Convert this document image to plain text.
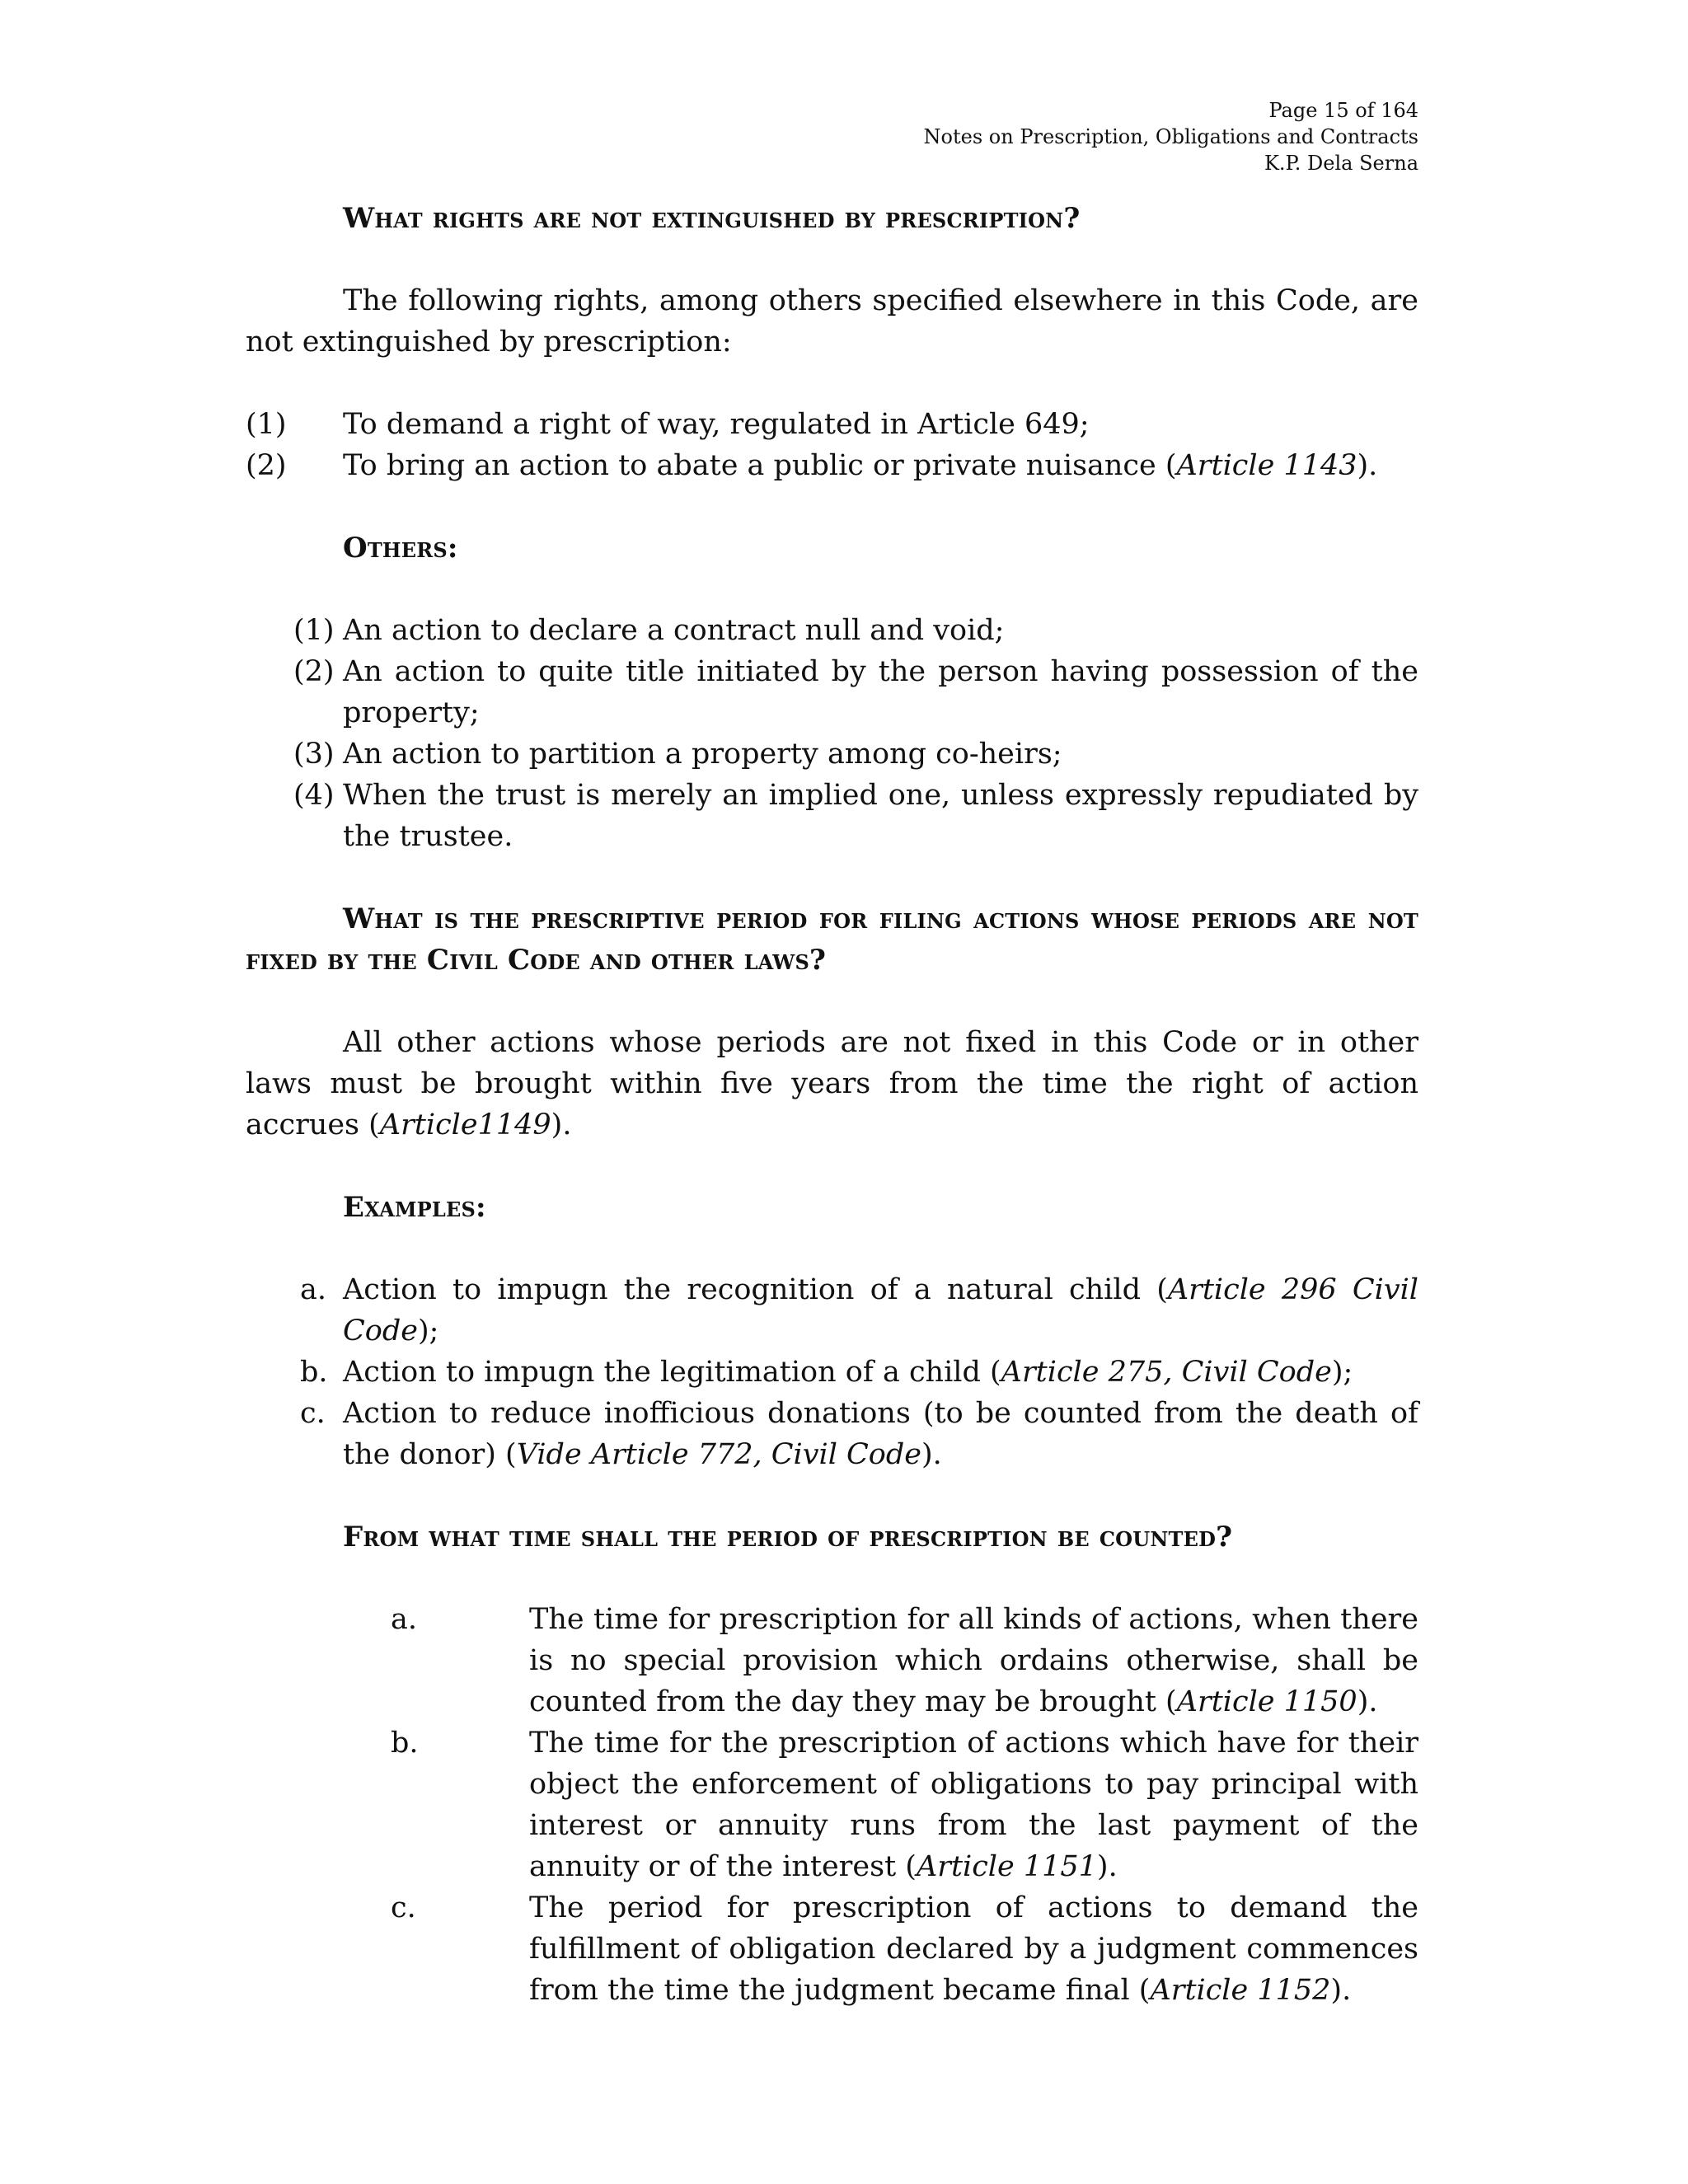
Page 15 of 164
Notes on Prescription, Obligations and Contracts
K.P. Dela Serna
What rights are not extinguished by prescription?

The following rights, among others specified elsewhere in this Code, are not extinguished by prescription:

(1) To demand a right of way, regulated in Article 649;
(2) To bring an action to abate a public or private nuisance (Article 1143).
Others:
(1) An action to declare a contract null and void;
(2) An action to quite title initiated by the person having possession of the property;
(3) An action to partition a property among co-heirs;
(4) When the trust is merely an implied one, unless expressly repudiated by the trustee.
What is the prescriptive period for filing actions whose periods are not fixed by the Civil Code and other laws?

All other actions whose periods are not fixed in this Code or in other laws must be brought within five years from the time the right of action accrues (Article1149).

Examples:
a. Action to impugn the recognition of a natural child (Article 296 Civil Code);
b. Action to impugn the legitimation of a child (Article 275, Civil Code);
c. Action to reduce inofficious donations (to be counted from the death of the donor) (Vide Article 772, Civil Code).
From what time shall the period of prescription be counted?
a.	The time for prescription for all kinds of actions, when there is no special provision which ordains otherwise, shall be counted from the day they may be brought (Article 1150).
b.	The time for the prescription of actions which have for their object the enforcement of obligations to pay principal with interest or annuity runs from the last payment of the annuity or of the interest (Article 1151).
c.	The period for prescription of actions to demand the fulfillment of obligation declared by a judgment commences from the time the judgment became final (Article 1152).
